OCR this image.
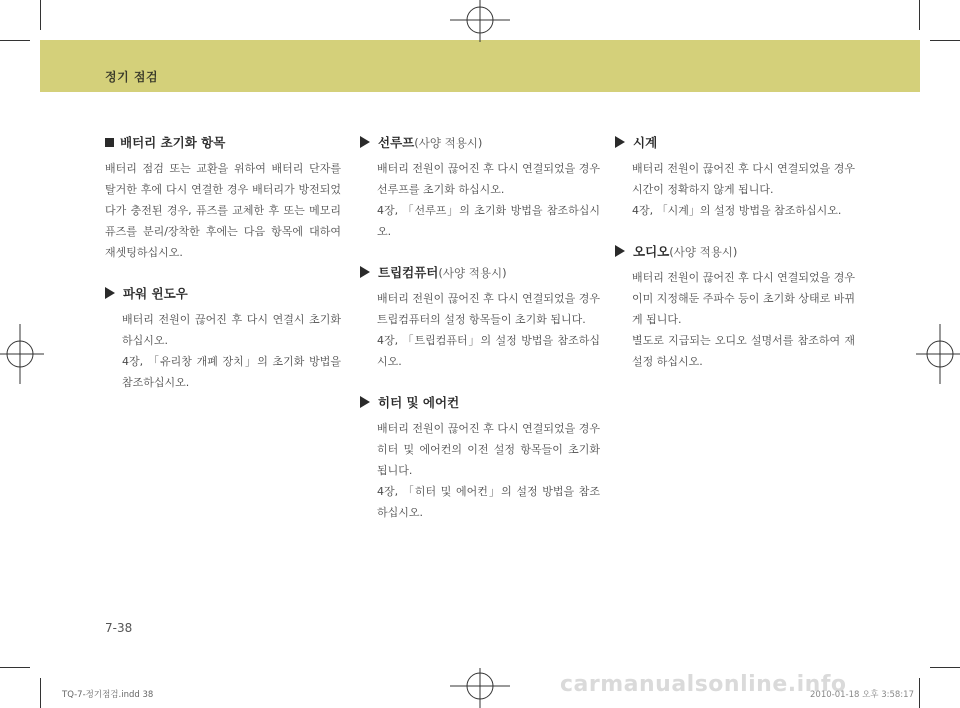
정기 점검
배터리 초기화 항목

배터리 점검 또는 교환을 위하여 배터리 단자를 탈거한 후에 다시 연결한 경우 배터리가 방전되었다가 충전된 경우, 퓨즈를 교체한 후 또는 메모리 퓨즈를 분리/장착한 후에는 다음 항목에 대하여 재셋팅하십시오.

파워 윈도우

배터리 전원이 끊어진 후 다시 연결시 초기화하십시오.

4장, 「유리창 개폐 장치」의 초기화 방법을 참조하십시오.

선루프(사양 적용시)

배터리 전원이 끊어진 후 다시 연결되었을 경우 선루프를 초기화 하십시오.

4장, 「선루프」의 초기화 방법을 참조하십시오.

트립컴퓨터(사양 적용시)

배터리 전원이 끊어진 후 다시 연결되었을 경우 트립컴퓨터의 설정 항목들이 초기화 됩니다.

4장, 「트립컴퓨터」의 설정 방법을 참조하십시오.

히터 및 에어컨

배터리 전원이 끊어진 후 다시 연결되었을 경우 히터 및 에어컨의 이전 설정 항목들이 초기화 됩니다.

4장, 「히터 및 에어컨」의 설정 방법을 참조하십시오.

시계

배터리 전원이 끊어진 후 다시 연결되었을 경우 시간이 정확하지 않게 됩니다.

4장, 「시계」의 설정 방법을 참조하십시오.

오디오(사양 적용시)

배터리 전원이 끊어진 후 다시 연결되었을 경우 이미 지정해둔 주파수 등이 초기화 상태로 바뀌게 됩니다.

별도로 지급되는 오디오 설명서를 참조하여 재설정 하십시오.

7-38
TQ-7-정기점검.indd 38	2010-01-18 오후 3:58:17
carmanualsonline.info
